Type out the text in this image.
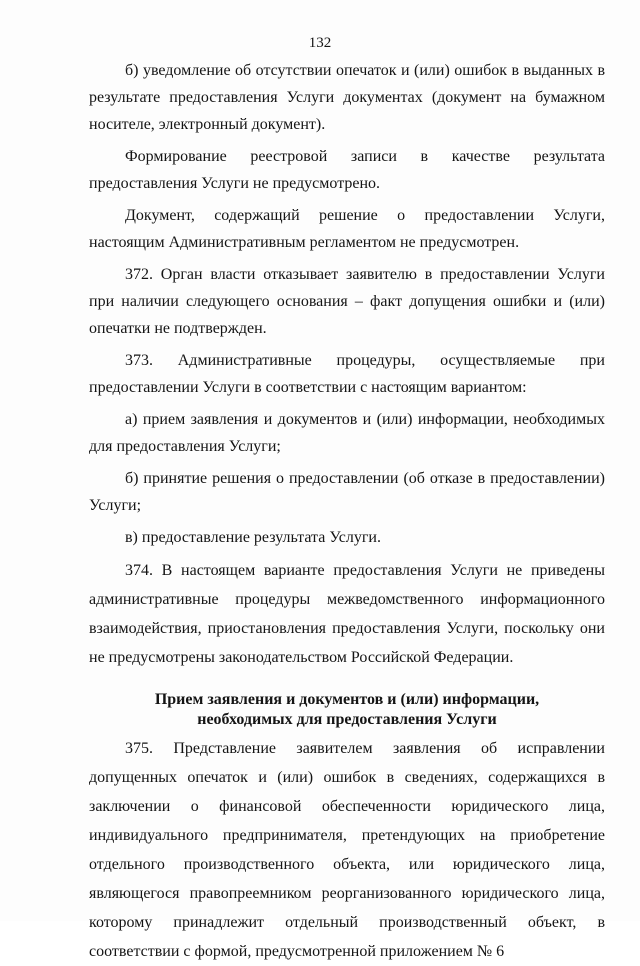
132

б) уведомление об отсутствии опечаток и (или) ошибок в выданных в результате предоставления Услуги документах (документ на бумажном носителе, электронный документ).

Формирование реестровой записи в качестве результата предоставления Услуги не предусмотрено.

Документ, содержащий решение о предоставлении Услуги, настоящим Административным регламентом не предусмотрен.

372. Орган власти отказывает заявителю в предоставлении Услуги при наличии следующего основания – факт допущения ошибки и (или) опечатки не подтвержден.

373. Административные процедуры, осуществляемые при предоставлении Услуги в соответствии с настоящим вариантом:

а) прием заявления и документов и (или) информации, необходимых для предоставления Услуги;

б) принятие решения о предоставлении (об отказе в предоставлении) Услуги;

в) предоставление результата Услуги.

374. В настоящем варианте предоставления Услуги не приведены административные процедуры межведомственного информационного взаимодействия, приостановления предоставления Услуги, поскольку они не предусмотрены законодательством Российской Федерации.

Прием заявления и документов и (или) информации,
необходимых для предоставления Услуги

375. Представление заявителем заявления об исправлении допущенных опечаток и (или) ошибок в сведениях, содержащихся в заключении о финансовой обеспеченности юридического лица, индивидуального предпринимателя, претендующих на приобретение отдельного производственного объекта, или юридического лица, являющегося правопреемником реорганизованного юридического лица, которому принадлежит отдельный производственный объект, в соответствии с формой, предусмотренной приложением № 6
